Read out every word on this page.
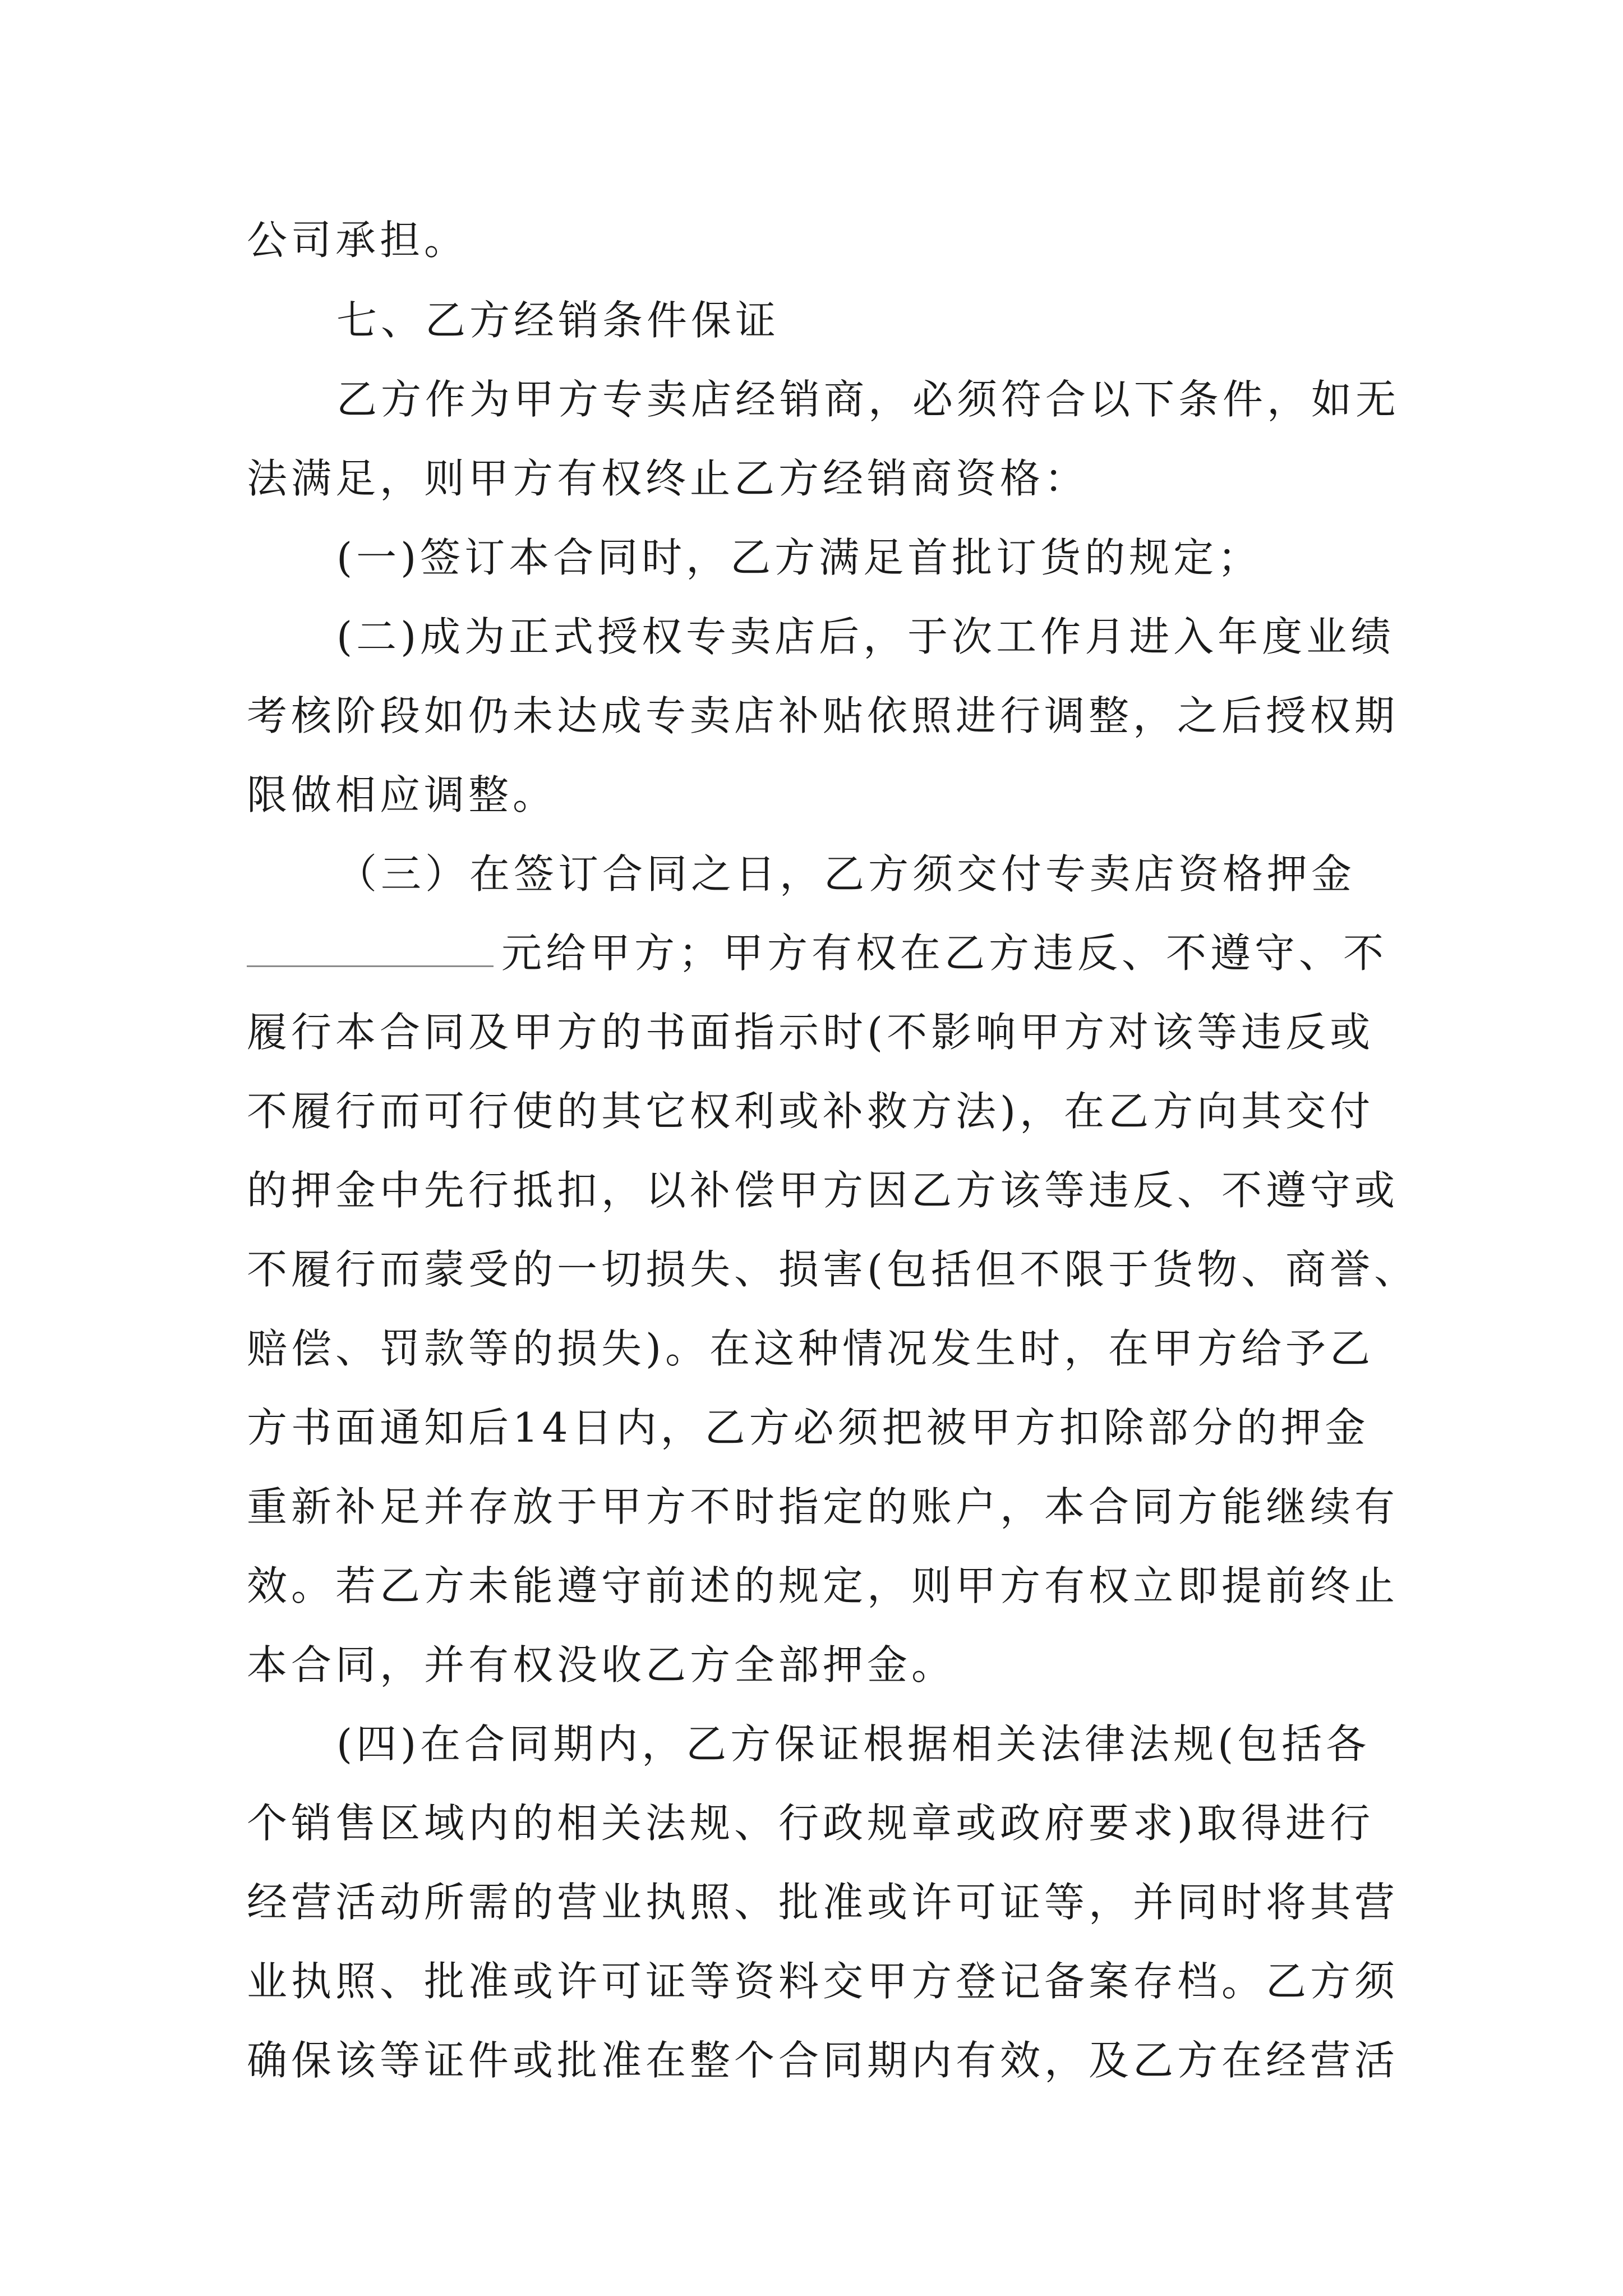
公司承担。
七、乙方经销条件保证
乙方作为甲方专卖店经销商，必须符合以下条件，如无
法满足，则甲方有权终止乙方经销商资格：
(一)签订本合同时，乙方满足首批订货的规定；
(二)成为正式授权专卖店后，于次工作月进入年度业绩
考核阶段如仍未达成专卖店补贴依照进行调整，之后授权期
限做相应调整。
（三）在签订合同之日，乙方须交付专卖店资格押金
元给甲方；甲方有权在乙方违反、不遵守、不
履行本合同及甲方的书面指示时(不影响甲方对该等违反或
不履行而可行使的其它权利或补救方法)，在乙方向其交付
的押金中先行抵扣，以补偿甲方因乙方该等违反、不遵守或
不履行而蒙受的一切损失、损害(包括但不限于货物、商誉、
赔偿、罚款等的损失)。在这种情况发生时，在甲方给予乙
方书面通知后14日内，乙方必须把被甲方扣除部分的押金
重新补足并存放于甲方不时指定的账户，本合同方能继续有
效。若乙方未能遵守前述的规定，则甲方有权立即提前终止
本合同，并有权没收乙方全部押金。
(四)在合同期内，乙方保证根据相关法律法规(包括各
个销售区域内的相关法规、行政规章或政府要求)取得进行
经营活动所需的营业执照、批准或许可证等，并同时将其营
业执照、批准或许可证等资料交甲方登记备案存档。乙方须
确保该等证件或批准在整个合同期内有效，及乙方在经营活
